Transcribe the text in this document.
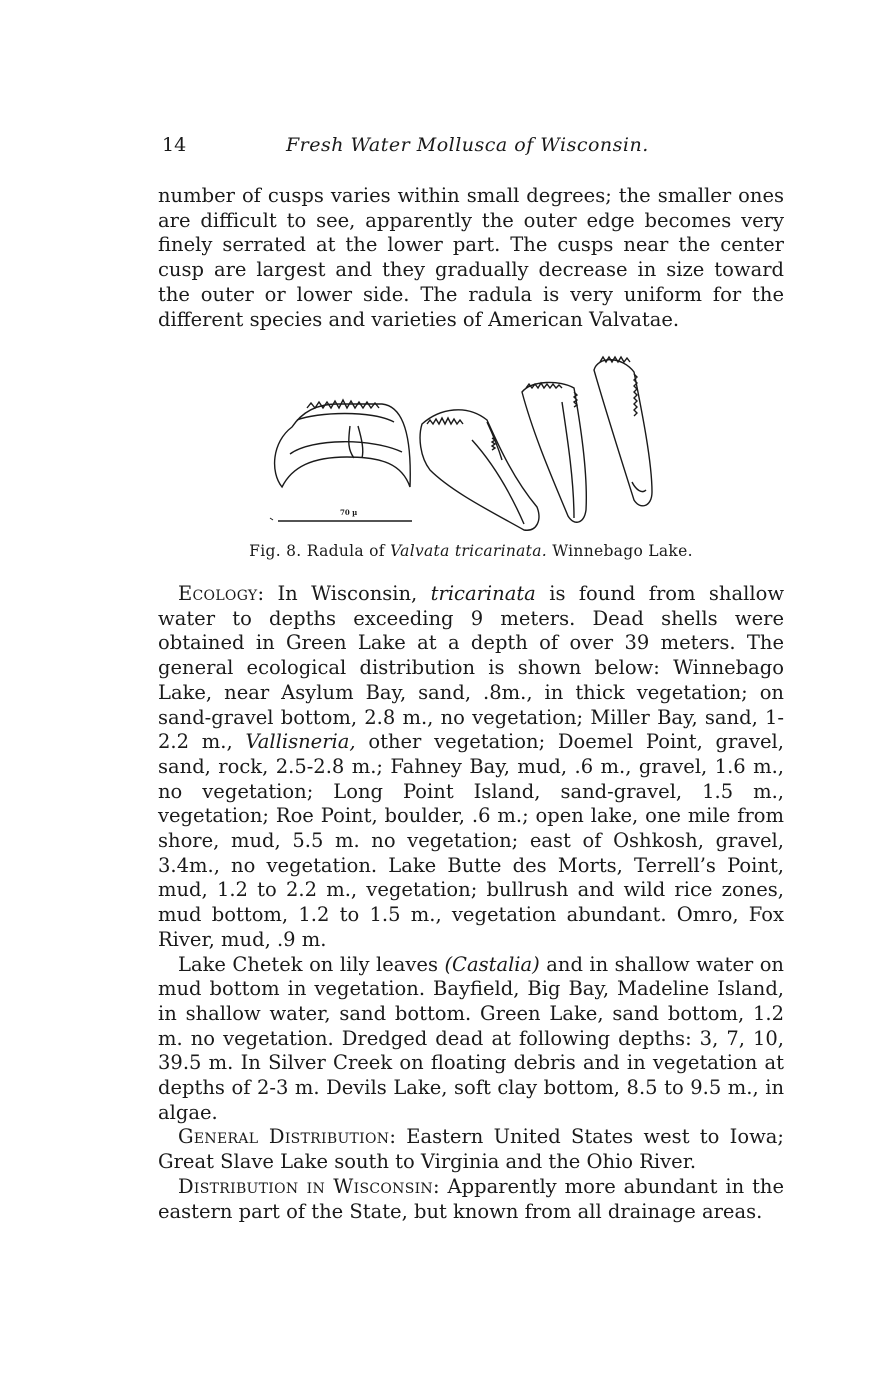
14	Fresh Water Mollusca of Wisconsin.

number of cusps varies within small degrees; the smaller ones are difficult to see, apparently the outer edge becomes very finely serrated at the lower part. The cusps near the center cusp are largest and they gradually decrease in size toward the outer or lower side. The radula is very uniform for the different species and varieties of American Valvatae.

70 µ
Fig. 8. Radula of Valvata tricarinata. Winnebago Lake.

Ecology: In Wisconsin, tricarinata is found from shallow water to depths exceeding 9 meters. Dead shells were obtained in Green Lake at a depth of over 39 meters. The general ecological distribution is shown below: Winnebago Lake, near Asylum Bay, sand, .8m., in thick vegetation; on sand-gravel bottom, 2.8 m., no vegetation; Miller Bay, sand, 1-2.2 m., Vallisneria, other vegetation; Doemel Point, gravel, sand, rock, 2.5-2.8 m.; Fahney Bay, mud, .6 m., gravel, 1.6 m., no vegetation; Long Point Island, sand-gravel, 1.5 m., vegetation; Roe Point, boulder, .6 m.; open lake, one mile from shore, mud, 5.5 m. no vegetation; east of Oshkosh, gravel, 3.4m., no vegetation. Lake Butte des Morts, Terrell’s Point, mud, 1.2 to 2.2 m., vegetation; bullrush and wild rice zones, mud bottom, 1.2 to 1.5 m., vegetation abundant. Omro, Fox River, mud, .9 m.

Lake Chetek on lily leaves (Castalia) and in shallow water on mud bottom in vegetation. Bayfield, Big Bay, Madeline Island, in shallow water, sand bottom. Green Lake, sand bottom, 1.2 m. no vegetation. Dredged dead at following depths: 3, 7, 10, 39.5 m. In Silver Creek on floating debris and in vegetation at depths of 2-3 m. Devils Lake, soft clay bottom, 8.5 to 9.5 m., in algae.

General Distribution: Eastern United States west to Iowa; Great Slave Lake south to Virginia and the Ohio River.

Distribution in Wisconsin: Apparently more abundant in the eastern part of the State, but known from all drainage areas.
